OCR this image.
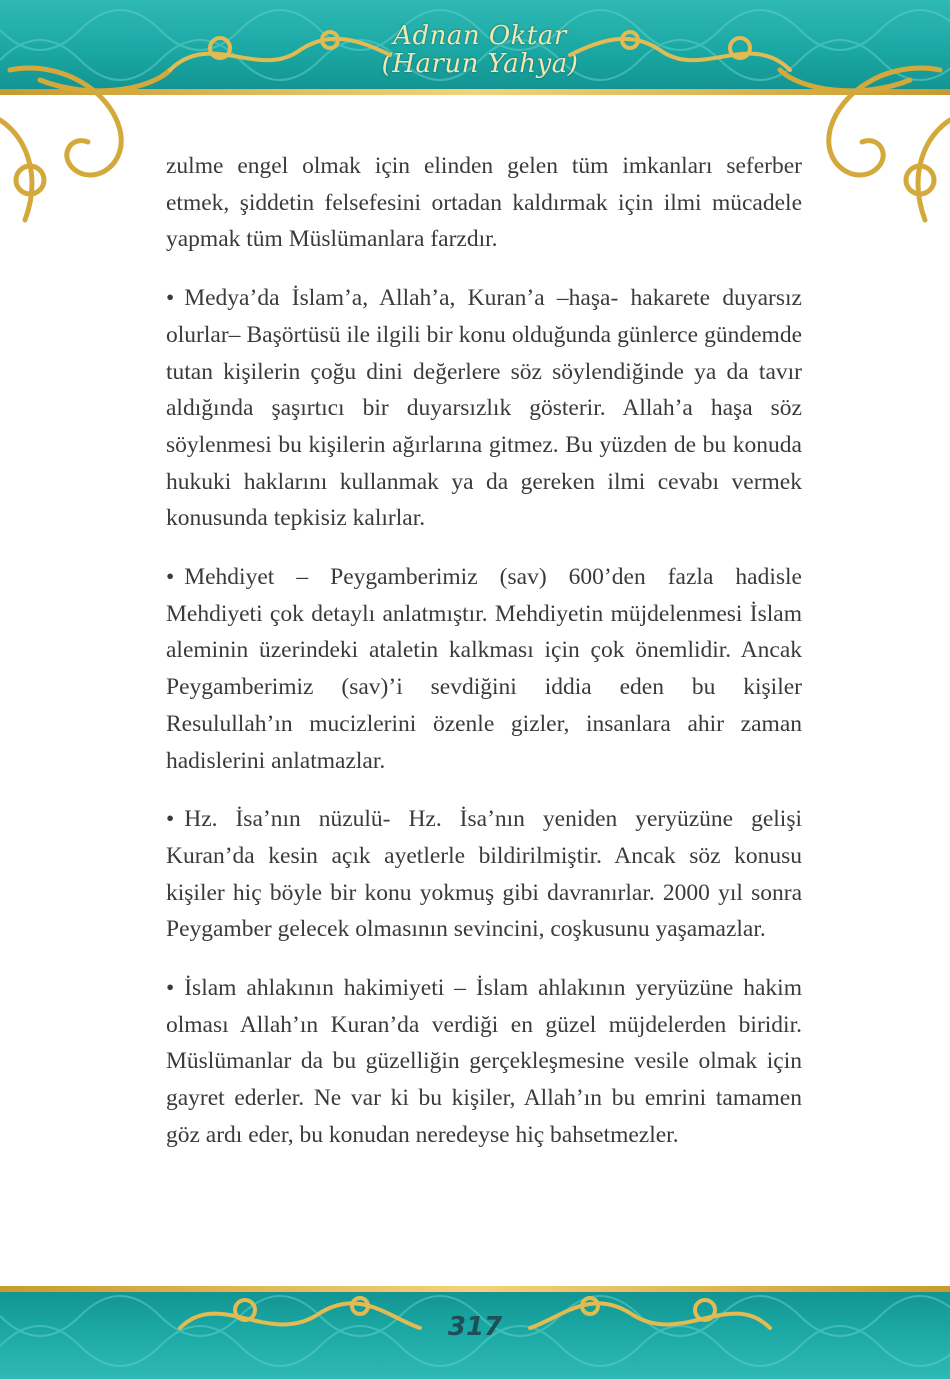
Adnan Oktar
(Harun Yahya)

zulme engel olmak için elinden gelen tüm imkanları seferber etmek, şiddetin felsefesini ortadan kaldırmak için ilmi mücadele yapmak tüm Müslümanlara farzdır.

• Medya’da İslam’a, Allah’a, Kuran’a –haşa- hakarete duyarsız olurlar– Başörtüsü ile ilgili bir konu olduğunda günlerce gündemde tutan kişilerin çoğu dini değerlere söz söylendiğinde ya da tavır aldığında şaşırtıcı bir duyarsızlık gösterir. Allah’a haşa söz söylenmesi bu kişilerin ağırlarına gitmez. Bu yüzden de bu konuda hukuki haklarını kullanmak ya da gereken ilmi cevabı vermek konusunda tepkisiz kalırlar.

• Mehdiyet – Peygamberimiz (sav) 600’den fazla hadisle Mehdiyeti çok detaylı anlatmıştır. Mehdiyetin müjdelenmesi İslam aleminin üzerindeki ataletin kalkması için çok önemlidir. Ancak Peygamberimiz (sav)’i sevdiğini iddia eden bu kişiler Resulullah’ın mucizlerini özenle gizler, insanlara ahir zaman hadislerini anlatmazlar.

• Hz. İsa’nın nüzulü- Hz. İsa’nın yeniden yeryüzüne gelişi Kuran’da kesin açık ayetlerle bildirilmiştir. Ancak söz konusu kişiler hiç böyle bir konu yokmuş gibi davranırlar. 2000 yıl sonra Peygamber gelecek olmasının sevincini, coşkusunu yaşamazlar.

• İslam ahlakının hakimiyeti – İslam ahlakının yeryüzüne hakim olması Allah’ın Kuran’da verdiği en güzel müjdelerden biridir. Müslümanlar da bu güzelliğin gerçekleşmesine vesile olmak için gayret ederler. Ne var ki bu kişiler, Allah’ın bu emrini tamamen göz ardı eder, bu konudan neredeyse hiç bahsetmezler.

317
